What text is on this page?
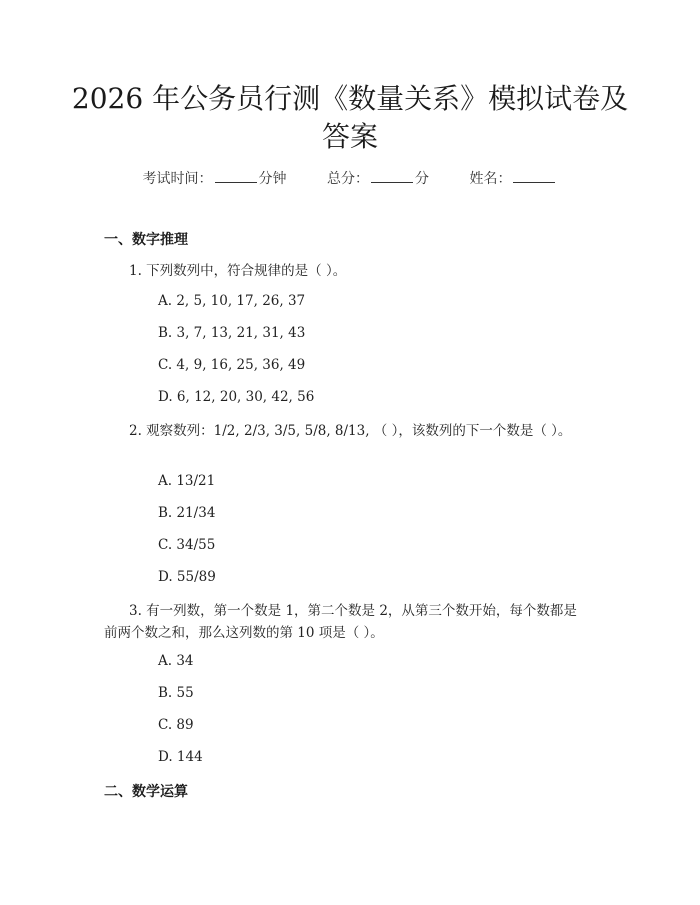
2026 年公务员行测《数量关系》模拟试卷及答案
考试时间：	分钟	总分：	分	姓名：
一、数字推理
1. 下列数列中，符合规律的是（ ）。
A. 2, 5, 10, 17, 26, 37
B. 3, 7, 13, 21, 31, 43
C. 4, 9, 16, 25, 36, 49
D. 6, 12, 20, 30, 42, 56
2. 观察数列：1/2, 2/3, 3/5, 5/8, 8/13, （ ），该数列的下一个数是（ ）。
A. 13/21
B. 21/34
C. 34/55
D. 55/89
3. 有一列数，第一个数是 1，第二个数是 2，从第三个数开始，每个数都是前两个数之和，那么这列数的第 10 项是（ ）。
A. 34
B. 55
C. 89
D. 144
二、数学运算
